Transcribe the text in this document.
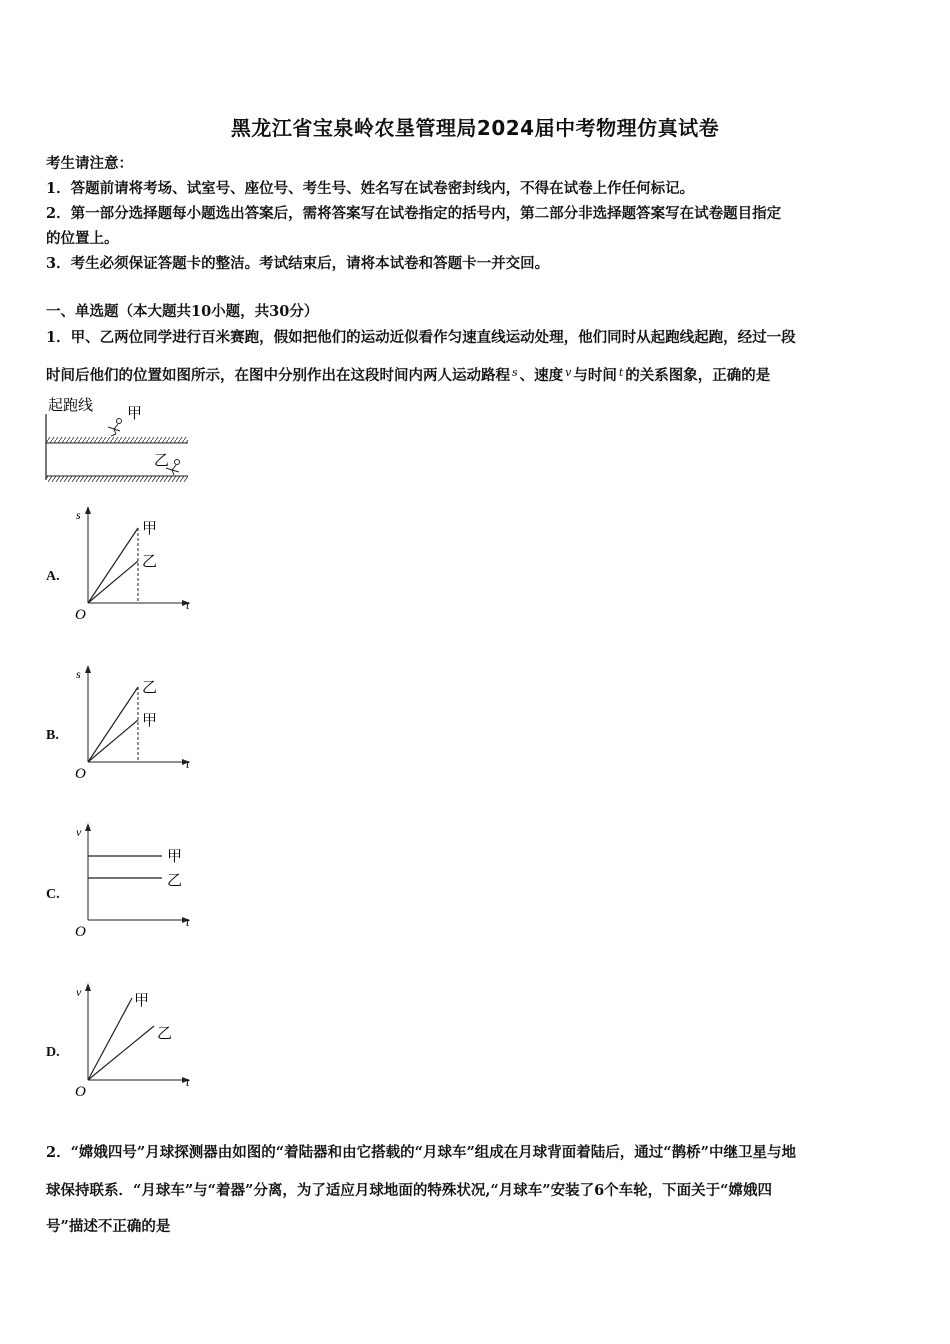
黑龙江省宝泉岭农垦管理局2024届中考物理仿真试卷
考生请注意：
1．答题前请将考场、试室号、座位号、考生号、姓名写在试卷密封线内，不得在试卷上作任何标记。
2．第一部分选择题每小题选出答案后，需将答案写在试卷指定的括号内，第二部分非选择题答案写在试卷题目指定
的位置上。
3．考生必须保证答题卡的整洁。考试结束后，请将本试卷和答题卡一并交回。
一、单选题（本大题共10小题，共30分）
1．甲、乙两位同学进行百米赛跑，假如把他们的运动近似看作匀速直线运动处理，他们同时从起跑线起跑，经过一段
时间后他们的位置如图所示，在图中分别作出在这段时间内两人运动路程 $^s$ 、速度 $^v$ 与时间 $^t$ 的关系图象，正确的是
起跑线 甲
乙
A.
s
t
O
甲
乙
B.
s
t
O
乙
甲
C.
v
t
O
甲
乙
D.
v
t
O
甲
乙
2．“嫦娥四号”月球探测器由如图的“着陆器和由它搭载的“月球车”组成在月球背面着陆后，通过“鹊桥”中继卫星与地
球保持联系．“月球车”与“着器”分离，为了适应月球地面的特殊状况,“月球车”安装了6个车轮，下面关于“嫦娥四
号”描述不正确的是
